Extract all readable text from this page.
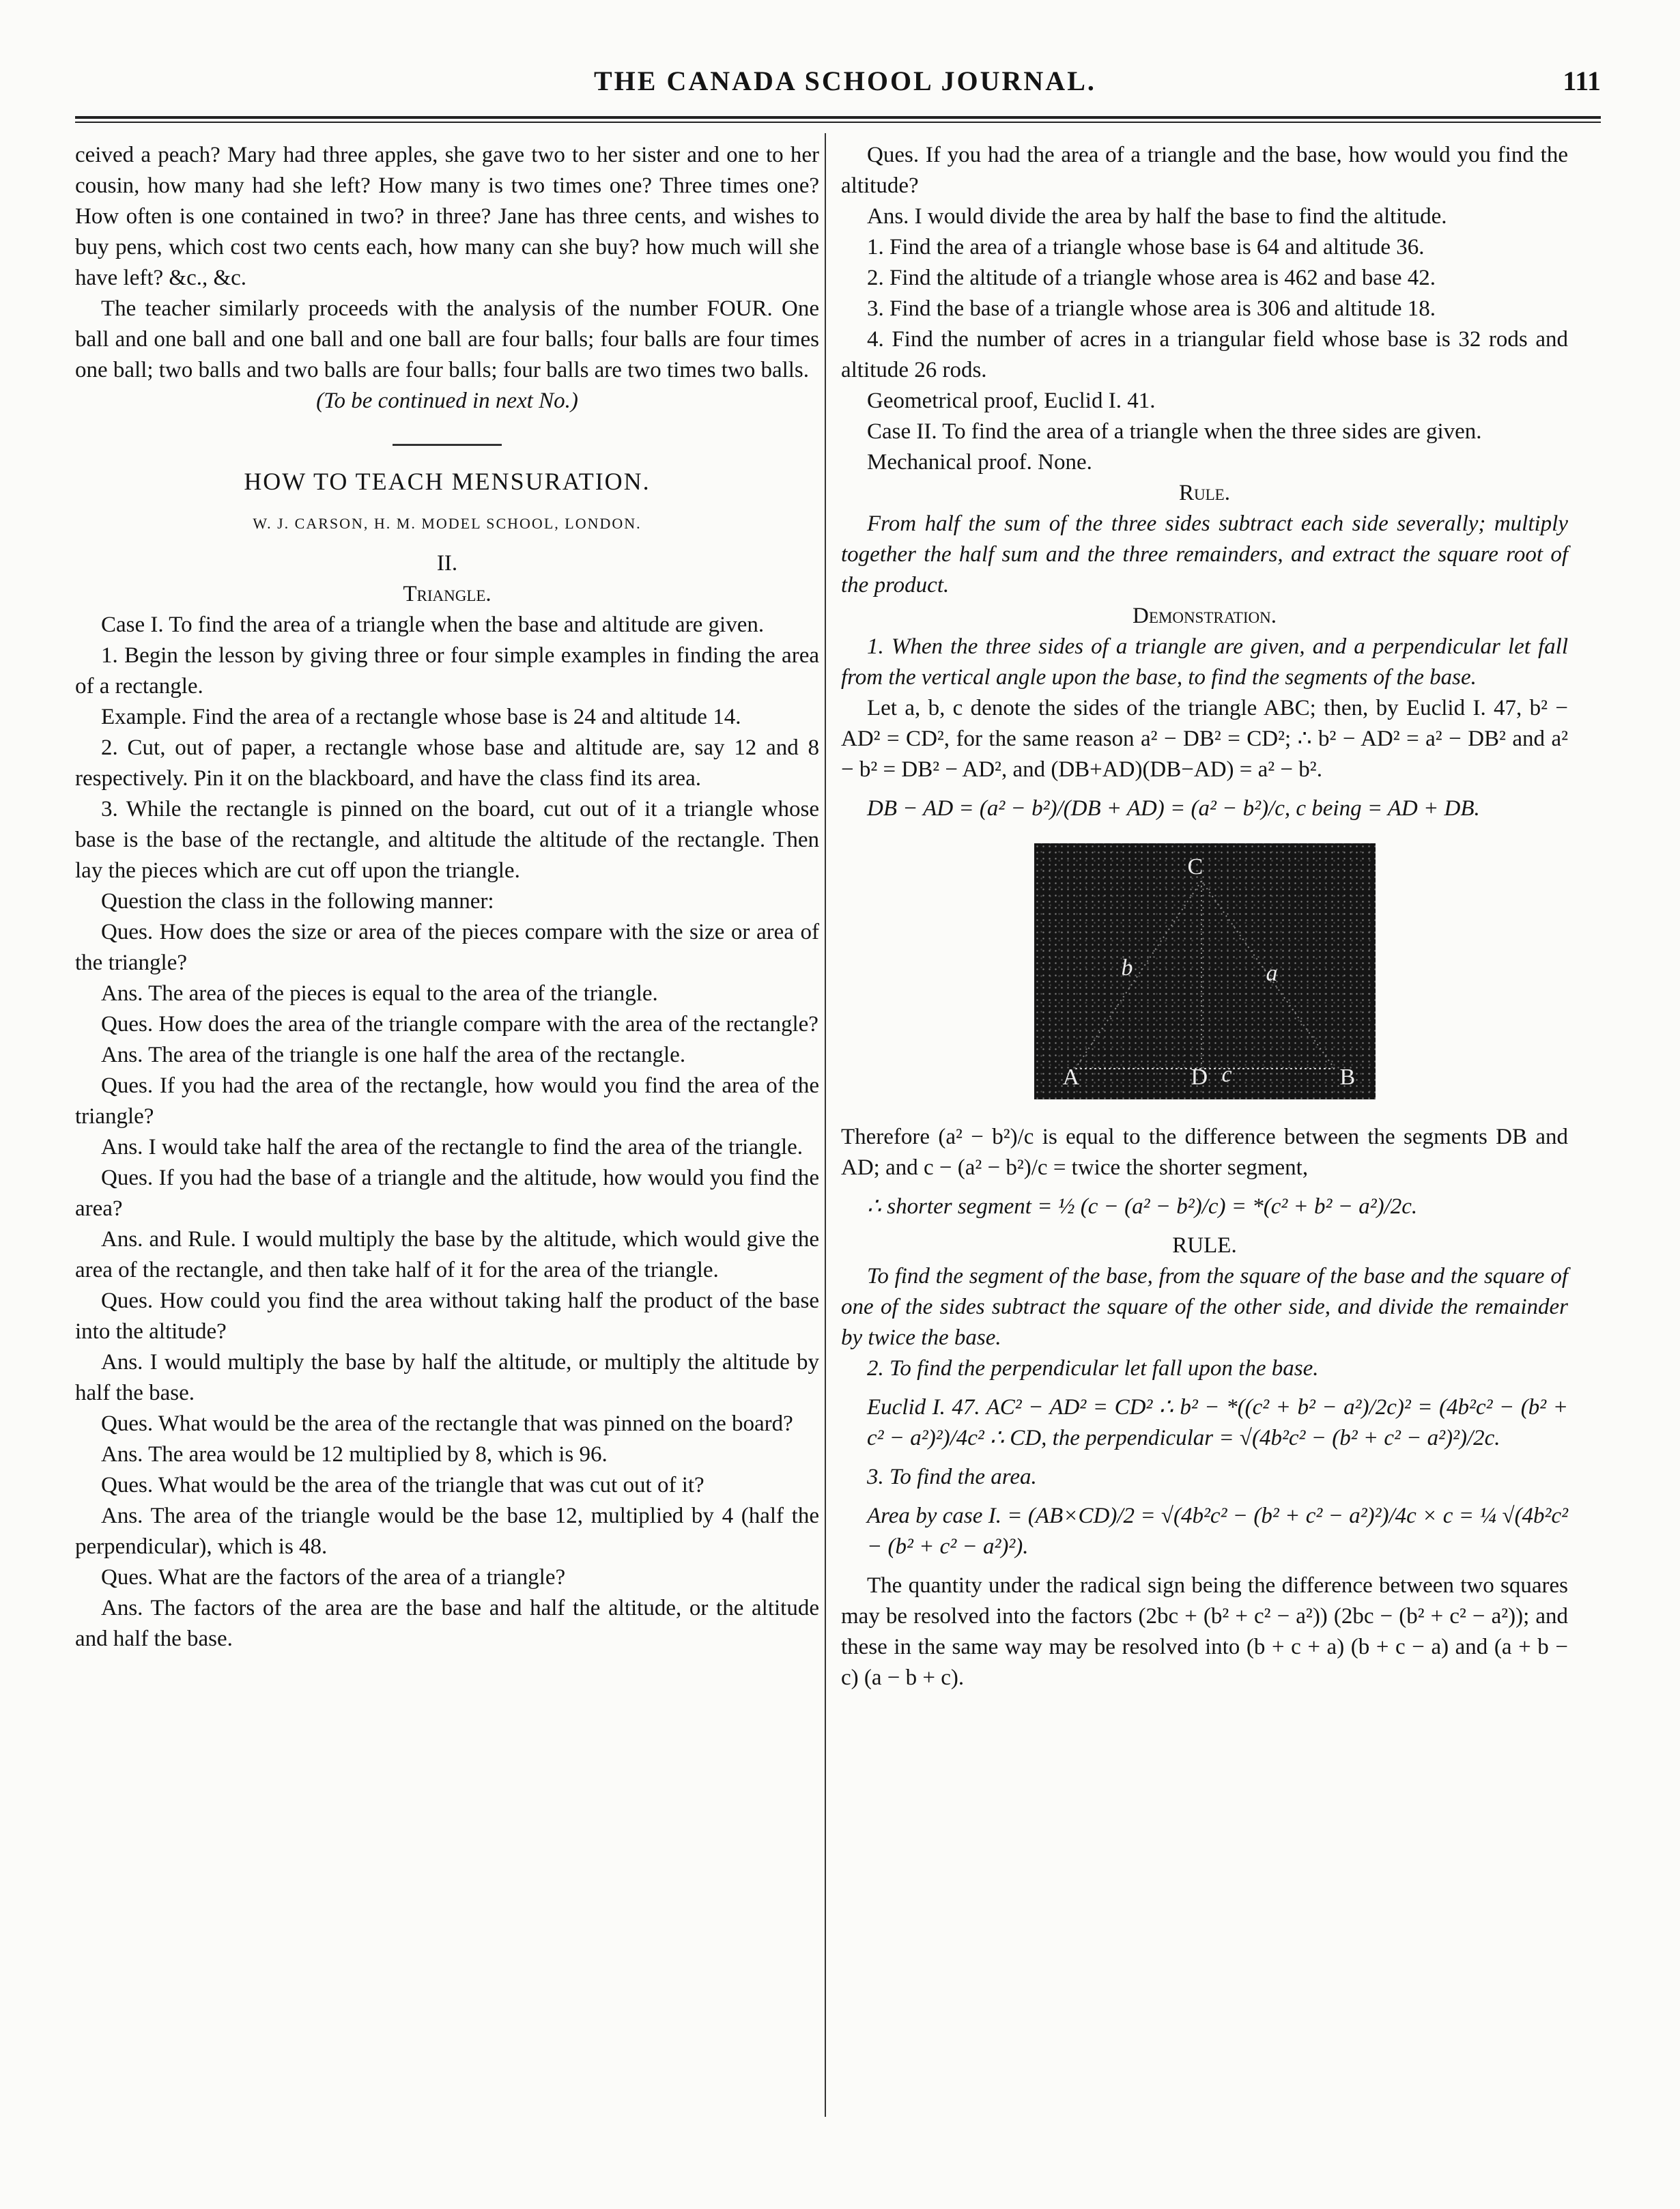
THE CANADA SCHOOL JOURNAL.	111

ceived a peach? Mary had three apples, she gave two to her sister and one to her cousin, how many had she left? How many is two times one? Three times one? How often is one contained in two? in three? Jane has three cents, and wishes to buy pens, which cost two cents each, how many can she buy? how much will she have left? &c., &c.

The teacher similarly proceeds with the analysis of the number FOUR. One ball and one ball and one ball and one ball are four balls; four balls are four times one ball; two balls and two balls are four balls; four balls are two times two balls.

(To be continued in next No.)

HOW TO TEACH MENSURATION.
W. J. CARSON, H. M. MODEL SCHOOL, LONDON.

II.

Triangle.

Case I. To find the area of a triangle when the base and altitude are given.

1. Begin the lesson by giving three or four simple examples in finding the area of a rectangle.

Example. Find the area of a rectangle whose base is 24 and altitude 14.

2. Cut, out of paper, a rectangle whose base and altitude are, say 12 and 8 respectively. Pin it on the blackboard, and have the class find its area.

3. While the rectangle is pinned on the board, cut out of it a triangle whose base is the base of the rectangle, and altitude the altitude of the rectangle. Then lay the pieces which are cut off upon the triangle.

Question the class in the following manner:

Ques. How does the size or area of the pieces compare with the size or area of the triangle?

Ans. The area of the pieces is equal to the area of the triangle.

Ques. How does the area of the triangle compare with the area of the rectangle?

Ans. The area of the triangle is one half the area of the rectangle.

Ques. If you had the area of the rectangle, how would you find the area of the triangle?

Ans. I would take half the area of the rectangle to find the area of the triangle.

Ques. If you had the base of a triangle and the altitude, how would you find the area?

Ans. and Rule. I would multiply the base by the altitude, which would give the area of the rectangle, and then take half of it for the area of the triangle.

Ques. How could you find the area without taking half the product of the base into the altitude?

Ans. I would multiply the base by half the altitude, or multiply the altitude by half the base.

Ques. What would be the area of the rectangle that was pinned on the board?

Ans. The area would be 12 multiplied by 8, which is 96.

Ques. What would be the area of the triangle that was cut out of it?

Ans. The area of the triangle would be the base 12, multiplied by 4 (half the perpendicular), which is 48.

Ques. What are the factors of the area of a triangle?

Ans. The factors of the area are the base and half the altitude, or the altitude and half the base.

Ques. If you had the area of a triangle and the base, how would you find the altitude?

Ans. I would divide the area by half the base to find the altitude.

1. Find the area of a triangle whose base is 64 and altitude 36.

2. Find the altitude of a triangle whose area is 462 and base 42.

3. Find the base of a triangle whose area is 306 and altitude 18.

4. Find the number of acres in a triangular field whose base is 32 rods and altitude 26 rods.

Geometrical proof, Euclid I. 41.

Case II. To find the area of a triangle when the three sides are given.

Mechanical proof. None.

Rule.

From half the sum of the three sides subtract each side severally; multiply together the half sum and the three remainders, and extract the square root of the product.

Demonstration.

1. When the three sides of a triangle are given, and a perpendicular let fall from the vertical angle upon the base, to find the segments of the base.

Let a, b, c denote the sides of the triangle ABC; then, by Euclid I. 47, b² − AD² = CD², for the same reason a² − DB² = CD²; ∴ b² − AD² = a² − DB² and a² − b² = DB² − AD², and (DB+AD)(DB−AD) = a² − b².

DB − AD = (a² − b²)/(DB + AD) = (a² − b²)/c, c being = AD + DB.

C
b	a
A	D c	B

Therefore (a² − b²)/c is equal to the difference between the segments DB and AD; and c − (a² − b²)/c = twice the shorter segment,

∴ shorter segment = ½ (c − (a² − b²)/c) = *(c² + b² − a²)/2c.

RULE.

To find the segment of the base, from the square of the base and the square of one of the sides subtract the square of the other side, and divide the remainder by twice the base.

2. To find the perpendicular let fall upon the base.

Euclid I. 47. AC² − AD² = CD² ∴ b² − *((c² + b² − a²)/2c)² = (4b²c² − (b² + c² − a²)²)/4c² ∴ CD, the perpendicular = √(4b²c² − (b² + c² − a²)²)/2c.

3. To find the area.

Area by case I. = (AB×CD)/2 = √(4b²c² − (b² + c² − a²)²)/4c × c = ¼ √(4b²c² − (b² + c² − a²)²).

The quantity under the radical sign being the difference between two squares may be resolved into the factors (2bc + (b² + c² − a²)) (2bc − (b² + c² − a²)); and these in the same way may be resolved into (b + c + a) (b + c − a) and (a + b − c) (a − b + c).
